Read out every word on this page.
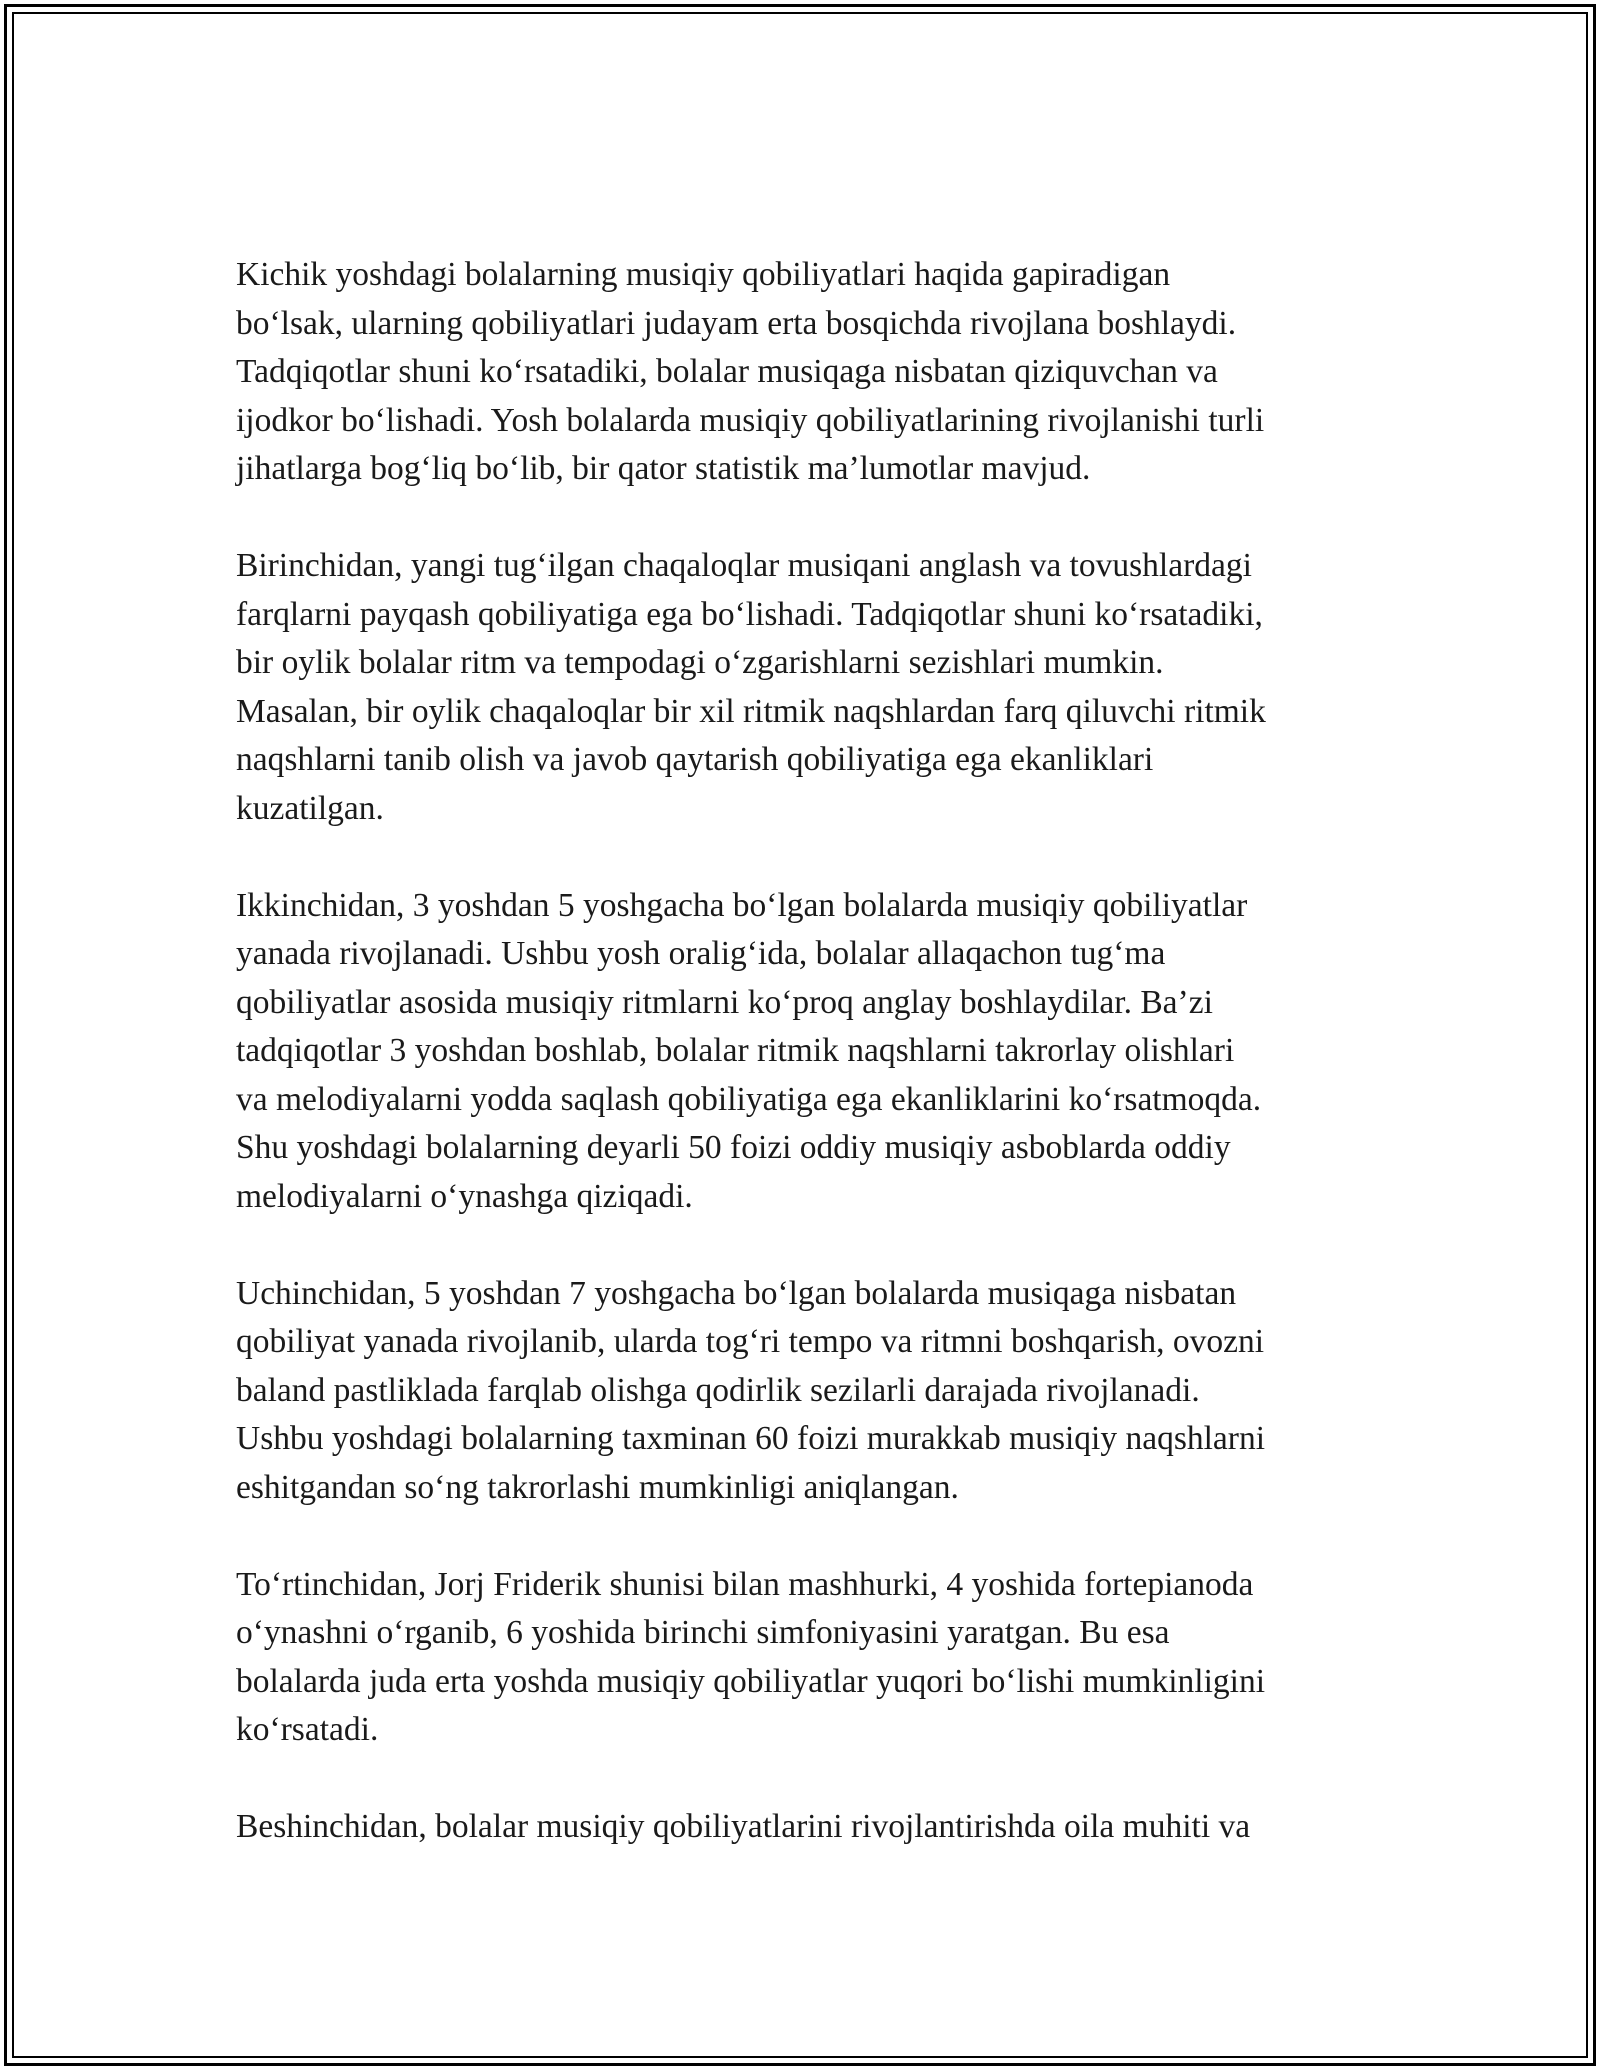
Kichik yoshdagi bolalarning musiqiy qobiliyatlari haqida gapiradigan
bo‘lsak, ularning qobiliyatlari judayam erta bosqichda rivojlana boshlaydi.
Tadqiqotlar shuni ko‘rsatadiki, bolalar musiqaga nisbatan qiziquvchan va
ijodkor bo‘lishadi. Yosh bolalarda musiqiy qobiliyatlarining rivojlanishi turli
jihatlarga bog‘liq bo‘lib, bir qator statistik ma’lumotlar mavjud.

Birinchidan, yangi tug‘ilgan chaqaloqlar musiqani anglash va tovushlardagi
farqlarni payqash qobiliyatiga ega bo‘lishadi. Tadqiqotlar shuni ko‘rsatadiki,
bir oylik bolalar ritm va tempodagi o‘zgarishlarni sezishlari mumkin.
Masalan, bir oylik chaqaloqlar bir xil ritmik naqshlardan farq qiluvchi ritmik
naqshlarni tanib olish va javob qaytarish qobiliyatiga ega ekanliklari
kuzatilgan.

Ikkinchidan, 3 yoshdan 5 yoshgacha bo‘lgan bolalarda musiqiy qobiliyatlar
yanada rivojlanadi. Ushbu yosh oralig‘ida, bolalar allaqachon tug‘ma
qobiliyatlar asosida musiqiy ritmlarni ko‘proq anglay boshlaydilar. Ba’zi
tadqiqotlar 3 yoshdan boshlab, bolalar ritmik naqshlarni takrorlay olishlari
va melodiyalarni yodda saqlash qobiliyatiga ega ekanliklarini ko‘rsatmoqda.
Shu yoshdagi bolalarning deyarli 50 foizi oddiy musiqiy asboblarda oddiy
melodiyalarni o‘ynashga qiziqadi.

Uchinchidan, 5 yoshdan 7 yoshgacha bo‘lgan bolalarda musiqaga nisbatan
qobiliyat yanada rivojlanib, ularda tog‘ri tempo va ritmni boshqarish, ovozni
baland pastliklada farqlab olishga qodirlik sezilarli darajada rivojlanadi.
Ushbu yoshdagi bolalarning taxminan 60 foizi murakkab musiqiy naqshlarni
eshitgandan so‘ng takrorlashi mumkinligi aniqlangan.

To‘rtinchidan, Jorj Friderik shunisi bilan mashhurki, 4 yoshida fortepianoda
o‘ynashni o‘rganib, 6 yoshida birinchi simfoniyasini yaratgan. Bu esa
bolalarda juda erta yoshda musiqiy qobiliyatlar yuqori bo‘lishi mumkinligini
ko‘rsatadi.

Beshinchidan, bolalar musiqiy qobiliyatlarini rivojlantirishda oila muhiti va
